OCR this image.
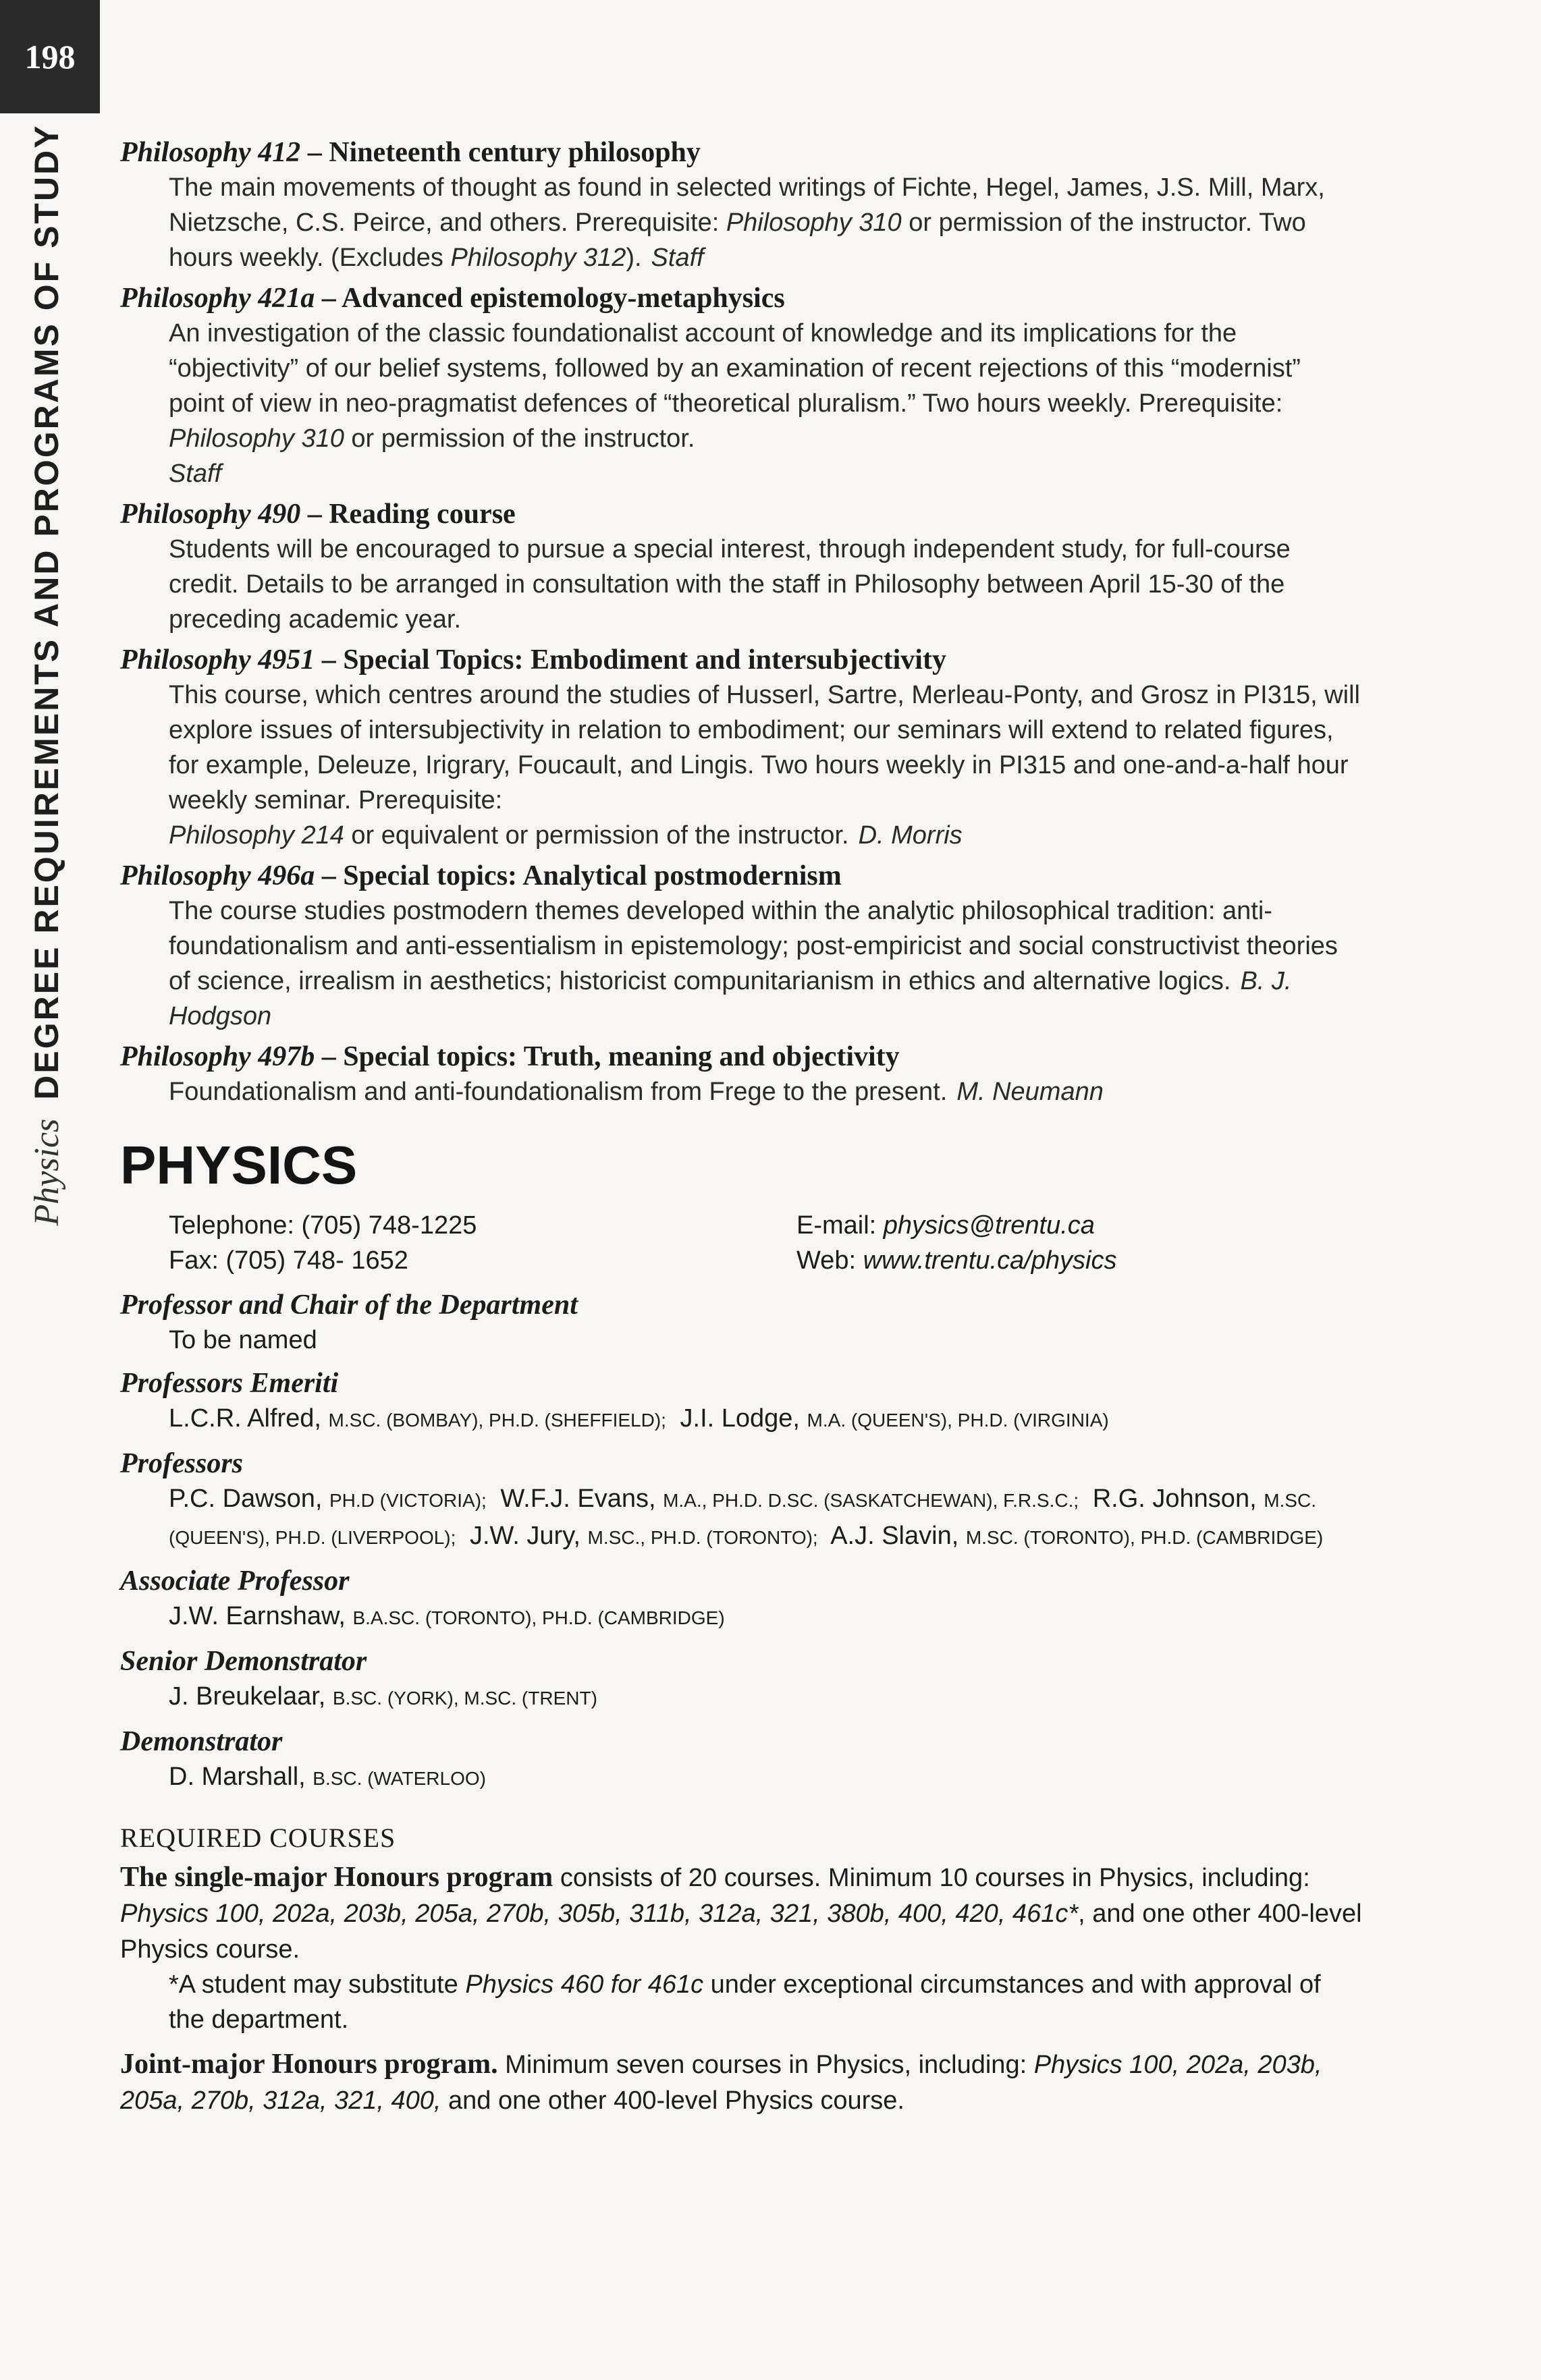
198
Physics
DEGREE REQUIREMENTS AND PROGRAMS OF STUDY Philosophy 412 – Nineteenth century philosophy
The main movements of thought as found in selected writings of Fichte, Hegel, James, J.S. Mill, Marx, Nietzsche, C.S. Peirce, and others. Prerequisite: Philosophy 310 or permission of the instructor. Two hours weekly. (Excludes Philosophy 312). Staff
Philosophy 421a – Advanced epistemology-metaphysics
An investigation of the classic foundationalist account of knowledge and its implications for the “objectivity” of our belief systems, followed by an examination of recent rejections of this “modernist” point of view in neo-pragmatist defences of “theoretical pluralism.” Two hours weekly. Prerequisite: Philosophy 310 or permission of the instructor.
Staff
Philosophy 490 – Reading course
Students will be encouraged to pursue a special interest, through independent study, for full-course credit. Details to be arranged in consultation with the staff in Philosophy between April 15-30 of the preceding academic year.
Philosophy 4951 – Special Topics: Embodiment and intersubjectivity
This course, which centres around the studies of Husserl, Sartre, Merleau-Ponty, and Grosz in PI315, will explore issues of intersubjectivity in relation to embodiment; our seminars will extend to related figures, for example, Deleuze, Irigrary, Foucault, and Lingis. Two hours weekly in PI315 and one-and-a-half hour weekly seminar. Prerequisite:
Philosophy 214 or equivalent or permission of the instructor. D. Morris
Philosophy 496a – Special topics: Analytical postmodernism
The course studies postmodern themes developed within the analytic philosophical tradition: anti-foundationalism and anti-essentialism in epistemology; post-empiricist and social constructivist theories of science, irrealism in aesthetics; historicist compunitarianism in ethics and alternative logics. B. J. Hodgson
Philosophy 497b – Special topics: Truth, meaning and objectivity
Foundationalism and anti-foundationalism from Frege to the present. M. Neumann
PHYSICS
Telephone: (705) 748-1225
Fax: (705) 748- 1652
E-mail: physics@trentu.ca
Web: www.trentu.ca/physics
Professor and Chair of the Department
To be named
Professors Emeriti
L.C.R. Alfred, M.SC. (BOMBAY), PH.D. (SHEFFIELD); J.I. Lodge, M.A. (QUEEN'S), PH.D. (VIRGINIA)
Professors
P.C. Dawson, PH.D (VICTORIA); W.F.J. Evans, M.A., PH.D. D.SC. (SASKATCHEWAN), F.R.S.C.; R.G. Johnson, M.SC.(QUEEN'S), PH.D. (LIVERPOOL); J.W. Jury, M.SC., PH.D. (TORONTO); A.J. Slavin, M.SC. (TORONTO), PH.D. (CAMBRIDGE)
Associate Professor
J.W. Earnshaw, B.A.SC. (TORONTO), PH.D. (CAMBRIDGE)
Senior Demonstrator
J. Breukelaar, B.SC. (YORK), M.SC. (TRENT)
Demonstrator
D. Marshall, B.SC. (WATERLOO)
REQUIRED COURSES
The single-major Honours program consists of 20 courses. Minimum 10 courses in Physics, including: Physics 100, 202a, 203b, 205a, 270b, 305b, 311b, 312a, 321, 380b, 400, 420, 461c*, and one other 400-level Physics course.
*A student may substitute Physics 460 for 461c under exceptional circumstances and with approval of the department.
Joint-major Honours program. Minimum seven courses in Physics, including: Physics 100, 202a, 203b, 205a, 270b, 312a, 321, 400, and one other 400-level Physics course.
